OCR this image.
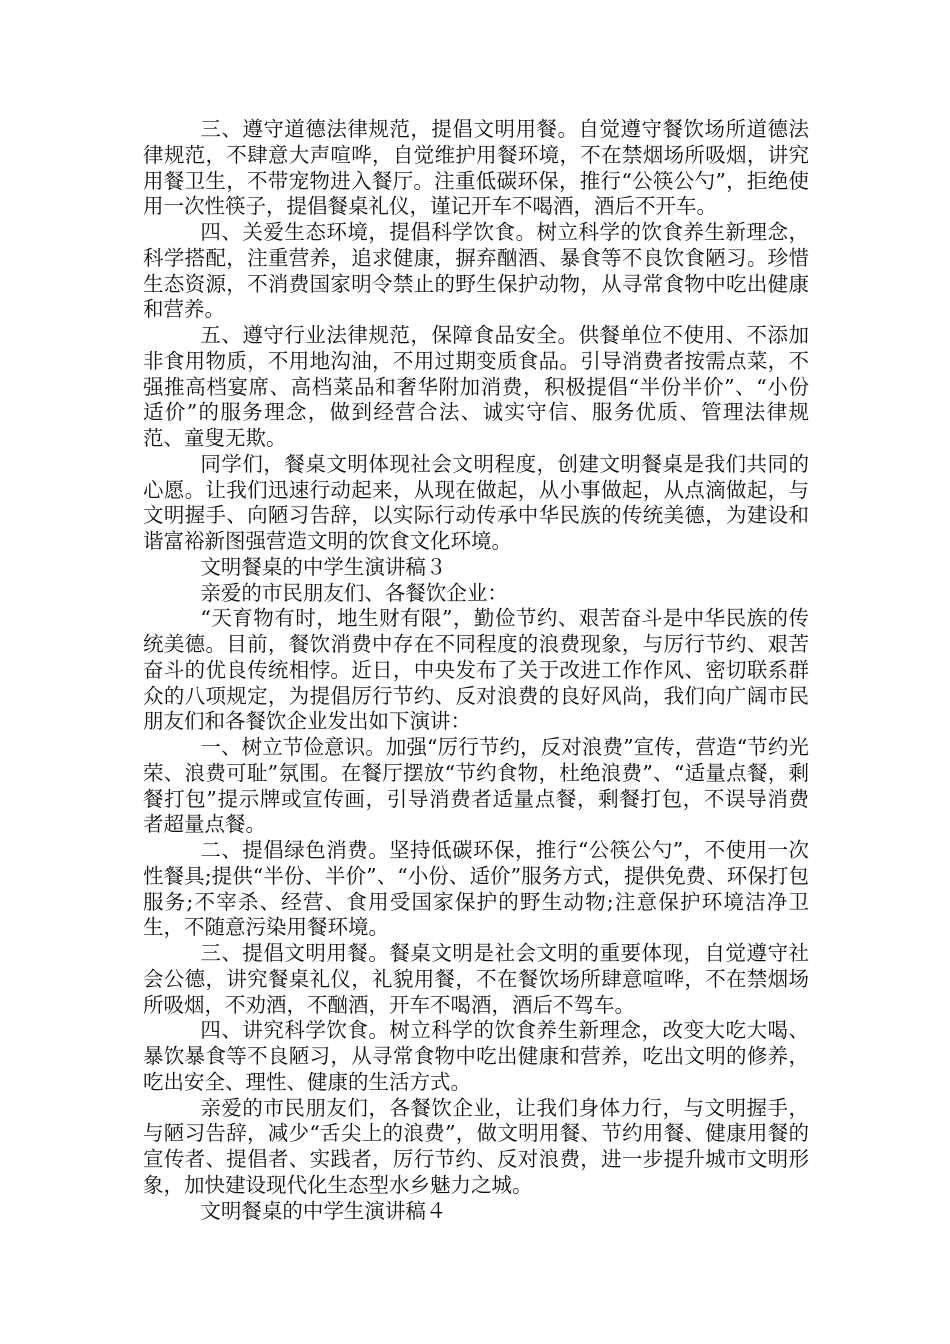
三、遵守道德法律规范，提倡文明用餐。自觉遵守餐饮场所道德法律规范，不肆意大声喧哗，自觉维护用餐环境，不在禁烟场所吸烟，讲究用餐卫生，不带宠物进入餐厅。注重低碳环保，推行“公筷公勺”，拒绝使用一次性筷子，提倡餐桌礼仪，谨记开车不喝酒，酒后不开车。

四、关爱生态环境，提倡科学饮食。树立科学的饮食养生新理念，科学搭配，注重营养，追求健康，摒弃酗酒、暴食等不良饮食陋习。珍惜生态资源，不消费国家明令禁止的野生保护动物，从寻常食物中吃出健康和营养。

五、遵守行业法律规范，保障食品安全。供餐单位不使用、不添加非食用物质，不用地沟油，不用过期变质食品。引导消费者按需点菜，不强推高档宴席、高档菜品和奢华附加消费，积极提倡“半份半价”、“小份适价”的服务理念，做到经营合法、诚实守信、服务优质、管理法律规范、童叟无欺。

同学们，餐桌文明体现社会文明程度，创建文明餐桌是我们共同的心愿。让我们迅速行动起来，从现在做起，从小事做起，从点滴做起，与文明握手、向陋习告辞，以实际行动传承中华民族的传统美德，为建设和谐富裕新图强营造文明的饮食文化环境。

文明餐桌的中学生演讲稿３

亲爱的市民朋友们、各餐饮企业：

“天育物有时，地生财有限”，勤俭节约、艰苦奋斗是中华民族的传统美德。目前，餐饮消费中存在不同程度的浪费现象，与厉行节约、艰苦奋斗的优良传统相悖。近日，中央发布了关于改进工作作风、密切联系群众的八项规定，为提倡厉行节约、反对浪费的良好风尚，我们向广阔市民朋友们和各餐饮企业发出如下演讲：

一、树立节俭意识。加强“厉行节约，反对浪费”宣传，营造“节约光荣、浪费可耻”氛围。在餐厅摆放“节约食物，杜绝浪费”、“适量点餐，剩餐打包”提示牌或宣传画，引导消费者适量点餐，剩餐打包，不误导消费者超量点餐。

二、提倡绿色消费。坚持低碳环保，推行“公筷公勺”，不使用一次性餐具;提供“半份、半价”、“小份、适价”服务方式，提供免费、环保打包服务;不宰杀、经营、食用受国家保护的野生动物;注意保护环境洁净卫生，不随意污染用餐环境。

三、提倡文明用餐。餐桌文明是社会文明的重要体现，自觉遵守社会公德，讲究餐桌礼仪，礼貌用餐，不在餐饮场所肆意喧哗，不在禁烟场所吸烟，不劝酒，不酗酒，开车不喝酒，酒后不驾车。

四、讲究科学饮食。树立科学的饮食养生新理念，改变大吃大喝、暴饮暴食等不良陋习，从寻常食物中吃出健康和营养，吃出文明的修养，吃出安全、理性、健康的生活方式。

亲爱的市民朋友们，各餐饮企业，让我们身体力行，与文明握手，与陋习告辞，减少“舌尖上的浪费”，做文明用餐、节约用餐、健康用餐的宣传者、提倡者、实践者，厉行节约、反对浪费，进一步提升城市文明形象，加快建设现代化生态型水乡魅力之城。

文明餐桌的中学生演讲稿４
